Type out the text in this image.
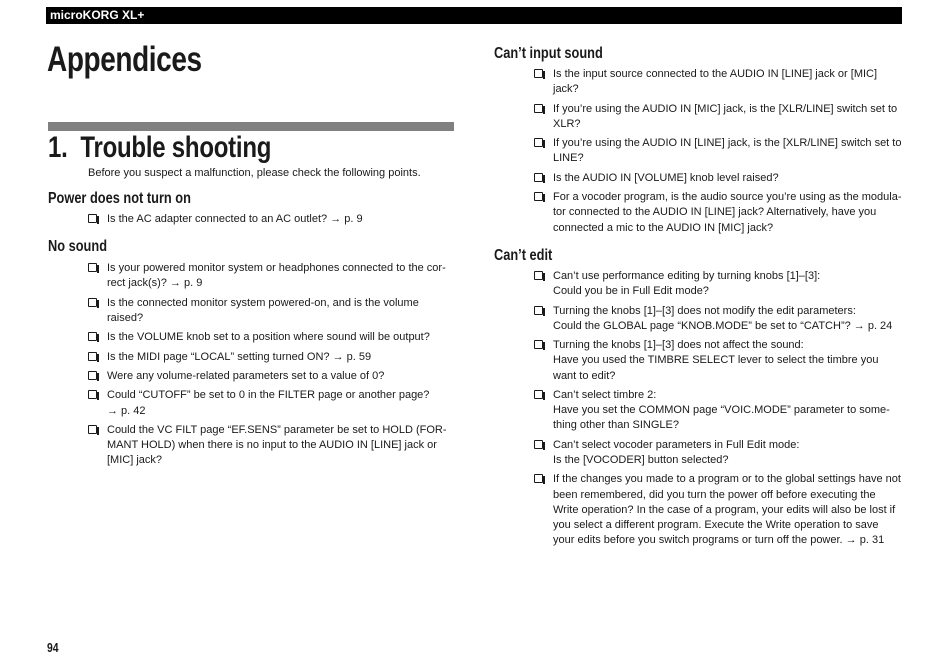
microKORG XL+
Appendices
1.  Trouble shooting
Before you suspect a malfunction, please check the following points.
Power does not turn on
Is the AC adapter connected to an AC outlet? → p. 9
No sound
Is your powered monitor system or headphones connected to the cor-
rect jack(s)? → p. 9
Is the connected monitor system powered-on, and is the volume
raised?
Is the VOLUME knob set to a position where sound will be output?
Is the MIDI page “LOCAL” setting turned ON? → p. 59
Were any volume-related parameters set to a value of 0?
Could “CUTOFF” be set to 0 in the FILTER page or another page?
→ p. 42
Could the VC FILT page “EF.SENS” parameter be set to HOLD (FOR-
MANT HOLD) when there is no input to the AUDIO IN [LINE] jack or
[MIC] jack?
Can’t input sound
Is the input source connected to the AUDIO IN [LINE] jack or [MIC]
jack?
If you’re using the AUDIO IN [MIC] jack, is the [XLR/LINE] switch set to
XLR?
If you’re using the AUDIO IN [LINE] jack, is the [XLR/LINE] switch set to
LINE?
Is the AUDIO IN [VOLUME] knob level raised?
For a vocoder program, is the audio source you’re using as the modula-
tor connected to the AUDIO IN [LINE] jack? Alternatively, have you
connected a mic to the AUDIO IN [MIC] jack?
Can’t edit
Can’t use performance editing by turning knobs [1]–[3]:
Could you be in Full Edit mode?
Turning the knobs [1]–[3] does not modify the edit parameters:
Could the GLOBAL page “KNOB.MODE” be set to “CATCH”? → p. 24
Turning the knobs [1]–[3] does not affect the sound:
Have you used the TIMBRE SELECT lever to select the timbre you
want to edit?
Can’t select timbre 2:
Have you set the COMMON page “VOIC.MODE” parameter to some-
thing other than SINGLE?
Can’t select vocoder parameters in Full Edit mode:
Is the [VOCODER] button selected?
If the changes you made to a program or to the global settings have not
been remembered, did you turn the power off before executing the
Write operation? In the case of a program, your edits will also be lost if
you select a different program. Execute the Write operation to save
your edits before you switch programs or turn off the power. → p. 31
94
